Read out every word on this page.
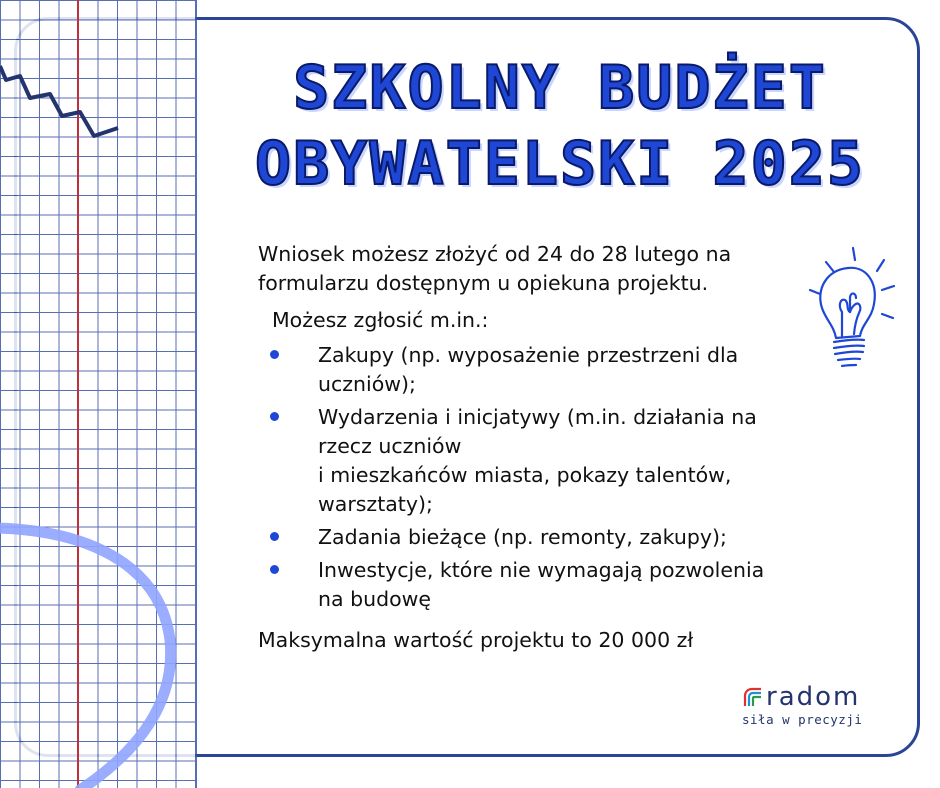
SZKOLNY BUDŻET
OBYWATELSKI 2025

Wniosek możesz złożyć od 24 do 28 lutego na
formularzu dostępnym u opiekuna projektu.

Możesz zgłosić m.in.:

Zakupy (np. wyposażenie przestrzeni dla
uczniów);
Wydarzenia i inicjatywy (m.in. działania na
rzecz uczniów
i mieszkańców miasta, pokazy talentów,
warsztaty);
Zadania bieżące (np. remonty, zakupy);
Inwestycje, które nie wymagają pozwolenia
na budowę

Maksymalna wartość projektu to 20 000 zł

radom
siła w precyzji
